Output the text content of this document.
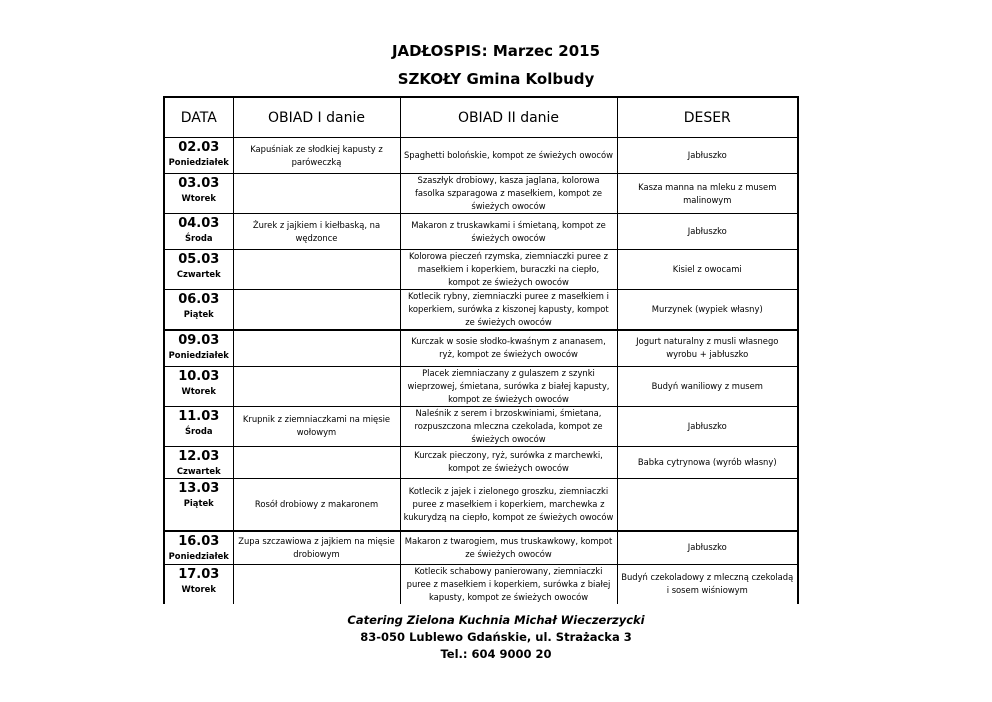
JADŁOSPIS: Marzec 2015
SZKOŁY Gmina Kolbudy
DATA	OBIAD I danie	OBIAD II danie	DESER

02.03
Poniedziałek	Kapuśniak ze słodkiej kapusty z paróweczką	Spaghetti bolońskie, kompot ze świeżych owoców	Jabłuszko

03.03
Wtorek		Szaszłyk drobiowy, kasza jaglana, kolorowa fasolka szparagowa z masełkiem, kompot ze świeżych owoców	Kasza manna na mleku z musem malinowym

04.03
Środa	Żurek z jajkiem i kiełbaską, na wędzonce	Makaron z truskawkami i śmietaną, kompot ze świeżych owoców	Jabłuszko

05.03
Czwartek		Kolorowa pieczeń rzymska, ziemniaczki puree z masełkiem i koperkiem, buraczki na ciepło, kompot ze świeżych owoców	Kisiel z owocami

06.03
Piątek		Kotlecik rybny, ziemniaczki puree z masełkiem i koperkiem, surówka z kiszonej kapusty, kompot ze świeżych owoców	Murzynek (wypiek własny)

09.03
Poniedziałek		Kurczak w sosie słodko-kwaśnym z ananasem, ryż, kompot ze świeżych owoców	Jogurt naturalny z musli własnego wyrobu + jabłuszko

10.03
Wtorek		Placek ziemniaczany z gulaszem z szynki wieprzowej, śmietana, surówka z białej kapusty, kompot ze świeżych owoców	Budyń waniliowy z musem

11.03
Środa	Krupnik z ziemniaczkami na mięsie wołowym	Naleśnik z serem i brzoskwiniami, śmietana, rozpuszczona mleczna czekolada, kompot ze świeżych owoców	Jabłuszko

12.03
Czwartek		Kurczak pieczony, ryż, surówka z marchewki, kompot ze świeżych owoców	Babka cytrynowa (wyrób własny)

13.03
Piątek	Rosół drobiowy z makaronem	Kotlecik z jajek i zielonego groszku, ziemniaczki puree z masełkiem i koperkiem, marchewka z kukurydzą na ciepło, kompot ze świeżych owoców	

16.03
Poniedziałek	Zupa szczawiowa z jajkiem na mięsie drobiowym	Makaron z twarogiem, mus truskawkowy, kompot ze świeżych owoców	Jabłuszko

17.03
Wtorek		Kotlecik schabowy panierowany, ziemniaczki puree z masełkiem i koperkiem, surówka z białej kapusty, kompot ze świeżych owoców	Budyń czekoladowy z mleczną czekoladą i sosem wiśniowym
Catering Zielona Kuchnia Michał Wieczerzycki
83-050 Lublewo Gdańskie, ul. Strażacka 3
Tel.: 604 9000 20
